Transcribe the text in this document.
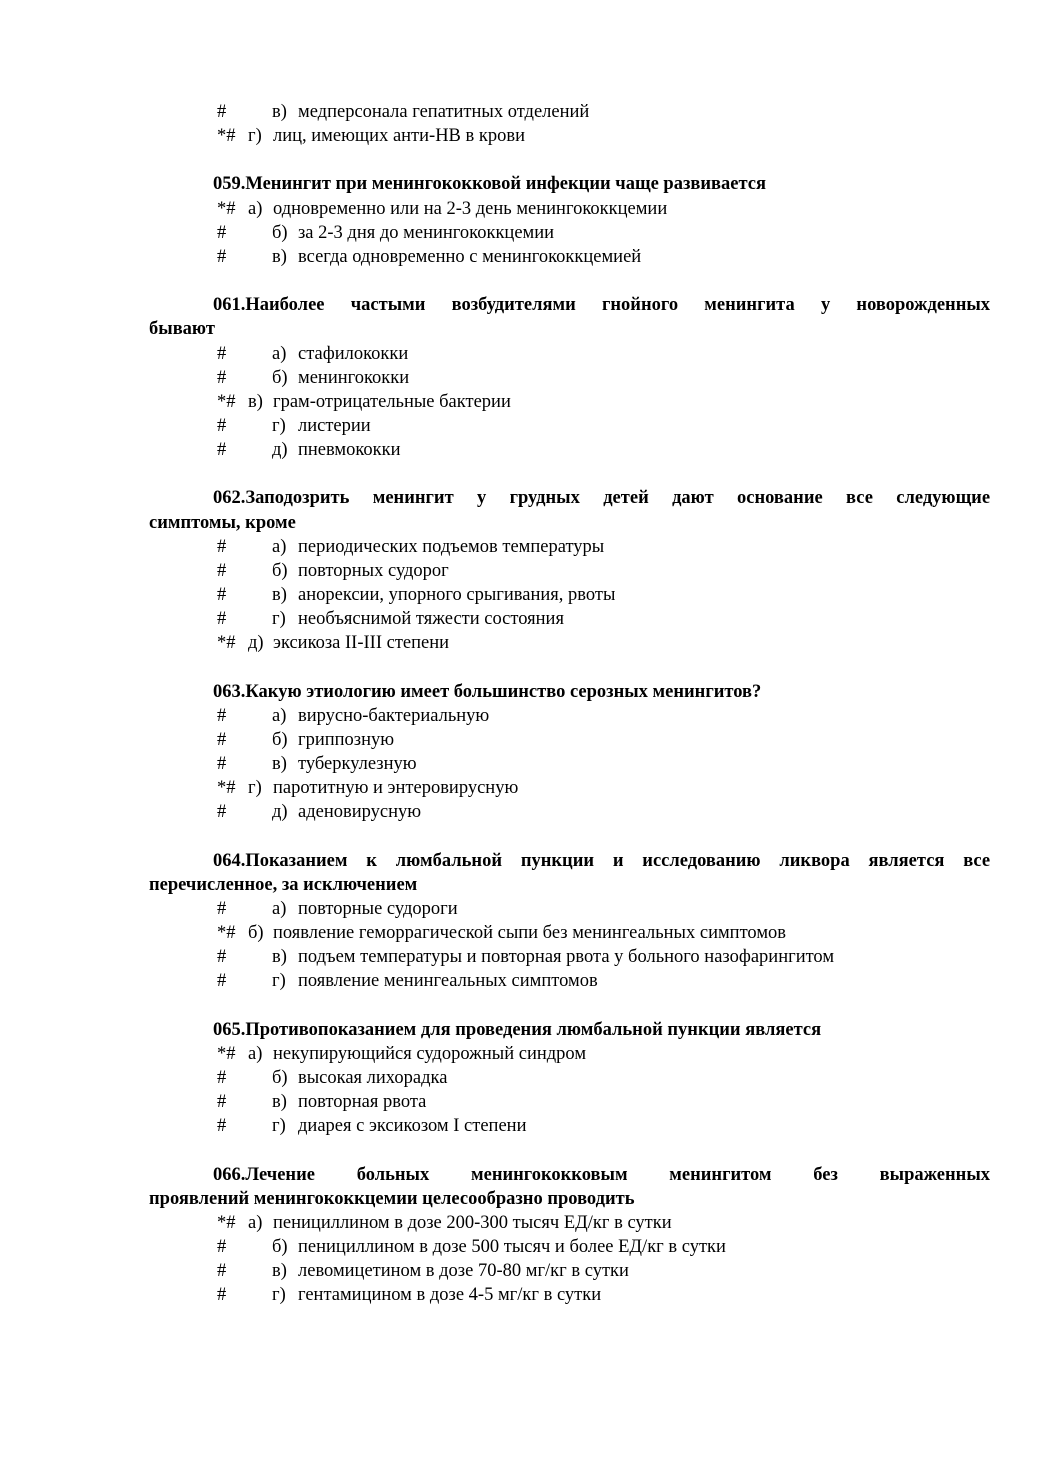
# в) медперсонала гепатитных отделений
*# г) лиц, имеющих анти-HB в крови
059.Менингит при менингококковой инфекции чаще развивается
*# а) одновременно или на 2-3 день менингококкцемии
# б) за 2-3 дня до менингококкцемии
# в) всегда одновременно с менингококкцемией
061.Наиболее частыми возбудителями гнойного менингита у новорожденных
бывают
# а) стафилококки
# б) менингококки
*# в) грам-отрицательные бактерии
# г) листерии
# д) пневмококки
062.Заподозрить менингит у грудных детей дают основание все следующие
симптомы, кроме
# а) периодических подъемов температуры
# б) повторных судорог
# в) анорексии, упорного срыгивания, рвоты
# г) необъяснимой тяжести состояния
*# д) эксикоза II-III степени
063.Какую этиологию имеет большинство серозных менингитов?
# а) вирусно-бактериальную
# б) гриппозную
# в) туберкулезную
*# г) паротитную и энтеровирусную
# д) аденовирусную
064.Показанием к люмбальной пункции и исследованию ликвора является все
перечисленное, за исключением
# а) повторные судороги
*# б) появление геморрагической сыпи без менингеальных симптомов
# в) подъем температуры и повторная рвота у больного назофарингитом
# г) появление менингеальных симптомов
065.Противопоказанием для проведения люмбальной пункции является
*# а) некупирующийся судорожный синдром
# б) высокая лихорадка
# в) повторная рвота
# г) диарея с эксикозом I степени
066.Лечение больных менингококковым менингитом без выраженных
проявлений менингококкцемии целесообразно проводить
*# а) пенициллином в дозе 200-300 тысяч ЕД/кг в сутки
# б) пенициллином в дозе 500 тысяч и более ЕД/кг в сутки
# в) левомицетином в дозе 70-80 мг/кг в сутки
# г) гентамицином в дозе 4-5 мг/кг в сутки
